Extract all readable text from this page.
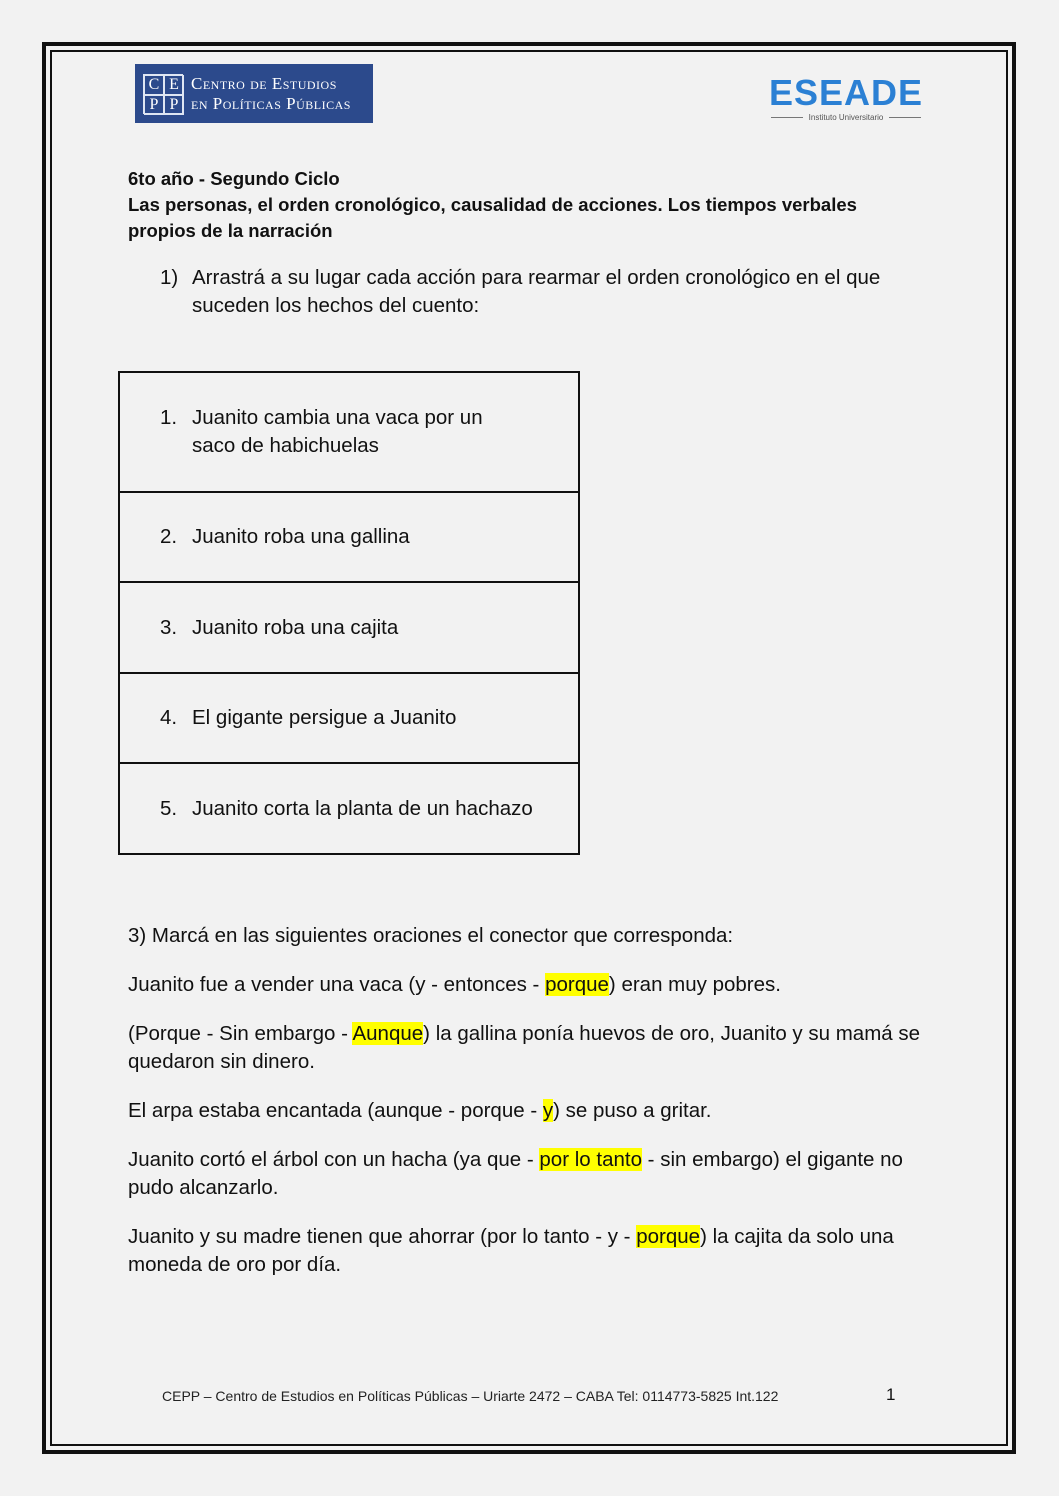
C E
P P
Centro de Estudios
en Políticas Públicas	ESEADE
Instituto Universitario
6to año - Segundo Ciclo
Las personas, el orden cronológico, causalidad de acciones. Los tiempos verbales
propios de la narración
1) Arrastrá a su lugar cada acción para rearmar el orden cronológico en el que suceden los hechos del cuento:
1. Juanito cambia una vaca por un saco de habichuelas

2. Juanito roba una gallina

3. Juanito roba una cajita

4. El gigante persigue a Juanito

5. Juanito corta la planta de un hachazo

3) Marcá en las siguientes oraciones el conector que corresponda:

Juanito fue a vender una vaca (y - entonces - porque) eran muy pobres.

(Porque - Sin embargo - Aunque) la gallina ponía huevos de oro, Juanito y su mamá se quedaron sin dinero.

El arpa estaba encantada (aunque - porque - y) se puso a gritar.

Juanito cortó el árbol con un hacha (ya que - por lo tanto - sin embargo) el gigante no pudo alcanzarlo.

Juanito y su madre tienen que ahorrar (por lo tanto - y - porque) la cajita da solo una moneda de oro por día.

CEPP – Centro de Estudios en Políticas Públicas – Uriarte 2472 – CABA Tel: 0114773-5825 Int.122	1
